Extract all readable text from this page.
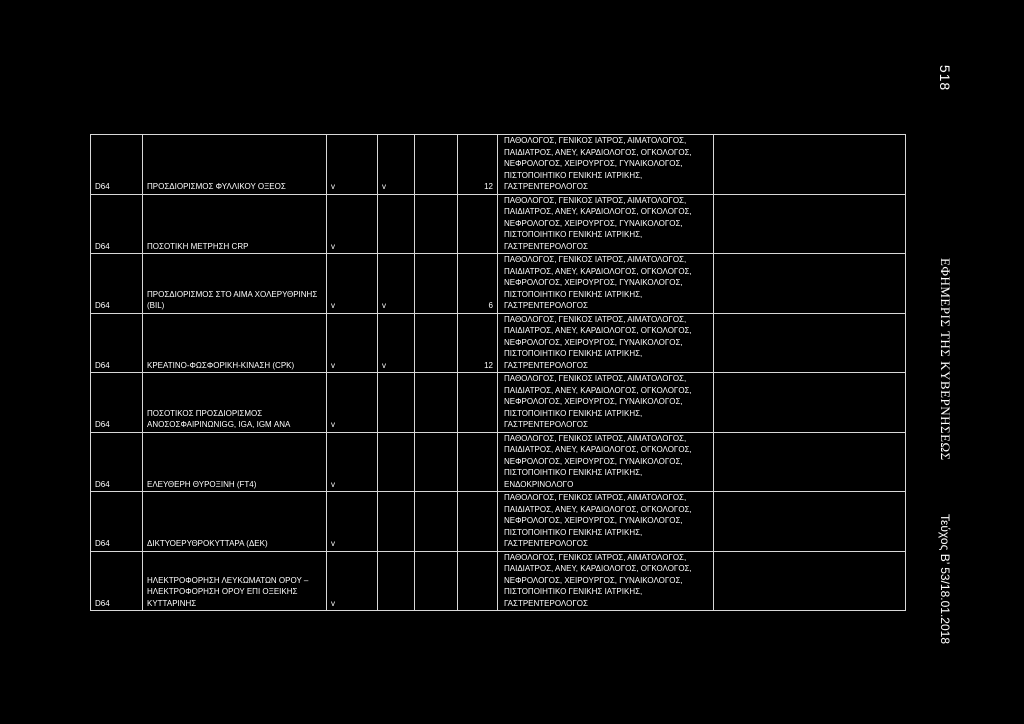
D64	ΠΡΟΣΔΙΟΡΙΣΜΟΣ ΦΥΛΛΙΚΟΥ ΟΞΕΟΣ	v	v		12	ΠΑΘΟΛΟΓΟΣ, ΓΕΝΙΚΟΣ ΙΑΤΡΟΣ, ΑΙΜΑΤΟΛΟΓΟΣ,
ΠΑΙΔΙΑΤΡΟΣ, ΑΝΕΥ, ΚΑΡΔΙΟΛΟΓΟΣ, ΟΓΚΟΛΟΓΟΣ,
ΝΕΦΡΟΛΟΓΟΣ, ΧΕΙΡΟΥΡΓΟΣ, ΓΥΝΑΙΚΟΛΟΓΟΣ,
ΠΙΣΤΟΠΟΙΗΤΙΚΟ ΓΕΝΙΚΗΣ ΙΑΤΡΙΚΗΣ,
ΓΑΣΤΡΕΝΤΕΡΟΛΟΓΟΣ	
D64	ΠΟΣΟΤΙΚΗ ΜΕΤΡΗΣΗ CRP	v				ΠΑΘΟΛΟΓΟΣ, ΓΕΝΙΚΟΣ ΙΑΤΡΟΣ, ΑΙΜΑΤΟΛΟΓΟΣ,
ΠΑΙΔΙΑΤΡΟΣ, ΑΝΕΥ, ΚΑΡΔΙΟΛΟΓΟΣ, ΟΓΚΟΛΟΓΟΣ,
ΝΕΦΡΟΛΟΓΟΣ, ΧΕΙΡΟΥΡΓΟΣ, ΓΥΝΑΙΚΟΛΟΓΟΣ,
ΠΙΣΤΟΠΟΙΗΤΙΚΟ ΓΕΝΙΚΗΣ ΙΑΤΡΙΚΗΣ,
ΓΑΣΤΡΕΝΤΕΡΟΛΟΓΟΣ	
D64	ΠΡΟΣΔΙΟΡΙΣΜΟΣ ΣΤΟ ΑΙΜΑ ΧΟΛΕΡΥΘΡΙΝΗΣ (BIL)	v	v		6	ΠΑΘΟΛΟΓΟΣ, ΓΕΝΙΚΟΣ ΙΑΤΡΟΣ, ΑΙΜΑΤΟΛΟΓΟΣ,
ΠΑΙΔΙΑΤΡΟΣ, ΑΝΕΥ, ΚΑΡΔΙΟΛΟΓΟΣ, ΟΓΚΟΛΟΓΟΣ,
ΝΕΦΡΟΛΟΓΟΣ, ΧΕΙΡΟΥΡΓΟΣ, ΓΥΝΑΙΚΟΛΟΓΟΣ,
ΠΙΣΤΟΠΟΙΗΤΙΚΟ ΓΕΝΙΚΗΣ ΙΑΤΡΙΚΗΣ,
ΓΑΣΤΡΕΝΤΕΡΟΛΟΓΟΣ	
D64	ΚΡΕΑΤΙΝΟ-ΦΩΣΦΟΡΙΚΗ-ΚΙΝΑΣΗ (CPK)	v	v		12	ΠΑΘΟΛΟΓΟΣ, ΓΕΝΙΚΟΣ ΙΑΤΡΟΣ, ΑΙΜΑΤΟΛΟΓΟΣ,
ΠΑΙΔΙΑΤΡΟΣ, ΑΝΕΥ, ΚΑΡΔΙΟΛΟΓΟΣ, ΟΓΚΟΛΟΓΟΣ,
ΝΕΦΡΟΛΟΓΟΣ, ΧΕΙΡΟΥΡΓΟΣ, ΓΥΝΑΙΚΟΛΟΓΟΣ,
ΠΙΣΤΟΠΟΙΗΤΙΚΟ ΓΕΝΙΚΗΣ ΙΑΤΡΙΚΗΣ,
ΓΑΣΤΡΕΝΤΕΡΟΛΟΓΟΣ	
D64	ΠΟΣΟΤΙΚΟΣ ΠΡΟΣΔΙΟΡΙΣΜΟΣ
ΑΝΟΣΟΣΦΑΙΡΙΝΩΝIGG, IGA, IGM ΑΝΑ	v				ΠΑΘΟΛΟΓΟΣ, ΓΕΝΙΚΟΣ ΙΑΤΡΟΣ, ΑΙΜΑΤΟΛΟΓΟΣ,
ΠΑΙΔΙΑΤΡΟΣ, ΑΝΕΥ, ΚΑΡΔΙΟΛΟΓΟΣ, ΟΓΚΟΛΟΓΟΣ,
ΝΕΦΡΟΛΟΓΟΣ, ΧΕΙΡΟΥΡΓΟΣ, ΓΥΝΑΙΚΟΛΟΓΟΣ,
ΠΙΣΤΟΠΟΙΗΤΙΚΟ ΓΕΝΙΚΗΣ ΙΑΤΡΙΚΗΣ,
ΓΑΣΤΡΕΝΤΕΡΟΛΟΓΟΣ	
D64	ΕΛΕΥΘΕΡΗ ΘΥΡΟΞΙΝΗ (FT4)	v				ΠΑΘΟΛΟΓΟΣ, ΓΕΝΙΚΟΣ ΙΑΤΡΟΣ, ΑΙΜΑΤΟΛΟΓΟΣ,
ΠΑΙΔΙΑΤΡΟΣ, ΑΝΕΥ, ΚΑΡΔΙΟΛΟΓΟΣ, ΟΓΚΟΛΟΓΟΣ,
ΝΕΦΡΟΛΟΓΟΣ, ΧΕΙΡΟΥΡΓΟΣ, ΓΥΝΑΙΚΟΛΟΓΟΣ,
ΠΙΣΤΟΠΟΙΗΤΙΚΟ ΓΕΝΙΚΗΣ ΙΑΤΡΙΚΗΣ, ΕΝΔΟΚΡΙΝΟΛΟΓΟ	
D64	ΔΙΚΤΥΟΕΡΥΘΡΟΚΥΤΤΑΡΑ (ΔΕΚ)	v				ΠΑΘΟΛΟΓΟΣ, ΓΕΝΙΚΟΣ ΙΑΤΡΟΣ, ΑΙΜΑΤΟΛΟΓΟΣ,
ΠΑΙΔΙΑΤΡΟΣ, ΑΝΕΥ, ΚΑΡΔΙΟΛΟΓΟΣ, ΟΓΚΟΛΟΓΟΣ,
ΝΕΦΡΟΛΟΓΟΣ, ΧΕΙΡΟΥΡΓΟΣ, ΓΥΝΑΙΚΟΛΟΓΟΣ,
ΠΙΣΤΟΠΟΙΗΤΙΚΟ ΓΕΝΙΚΗΣ ΙΑΤΡΙΚΗΣ,
ΓΑΣΤΡΕΝΤΕΡΟΛΟΓΟΣ	
D64	ΗΛΕΚΤΡΟΦΟΡΗΣΗ ΛΕΥΚΩΜΑΤΩΝ ΟΡΟΥ –
ΗΛΕΚΤΡΟΦΟΡΗΣΗ ΟΡΟΥ ΕΠΙ ΟΞΕΙΚΗΣ
ΚΥΤΤΑΡΙΝΗΣ	v				ΠΑΘΟΛΟΓΟΣ, ΓΕΝΙΚΟΣ ΙΑΤΡΟΣ, ΑΙΜΑΤΟΛΟΓΟΣ,
ΠΑΙΔΙΑΤΡΟΣ, ΑΝΕΥ, ΚΑΡΔΙΟΛΟΓΟΣ, ΟΓΚΟΛΟΓΟΣ,
ΝΕΦΡΟΛΟΓΟΣ, ΧΕΙΡΟΥΡΓΟΣ, ΓΥΝΑΙΚΟΛΟΓΟΣ,
ΠΙΣΤΟΠΟΙΗΤΙΚΟ ΓΕΝΙΚΗΣ ΙΑΤΡΙΚΗΣ,
ΓΑΣΤΡΕΝΤΕΡΟΛΟΓΟΣ	
518
ΕΦΗΜΕΡΙΣ ΤΗΣ ΚΥΒΕΡΝΗΣΕΩΣ
Τεύχος Β’ 53/18.01.2018
